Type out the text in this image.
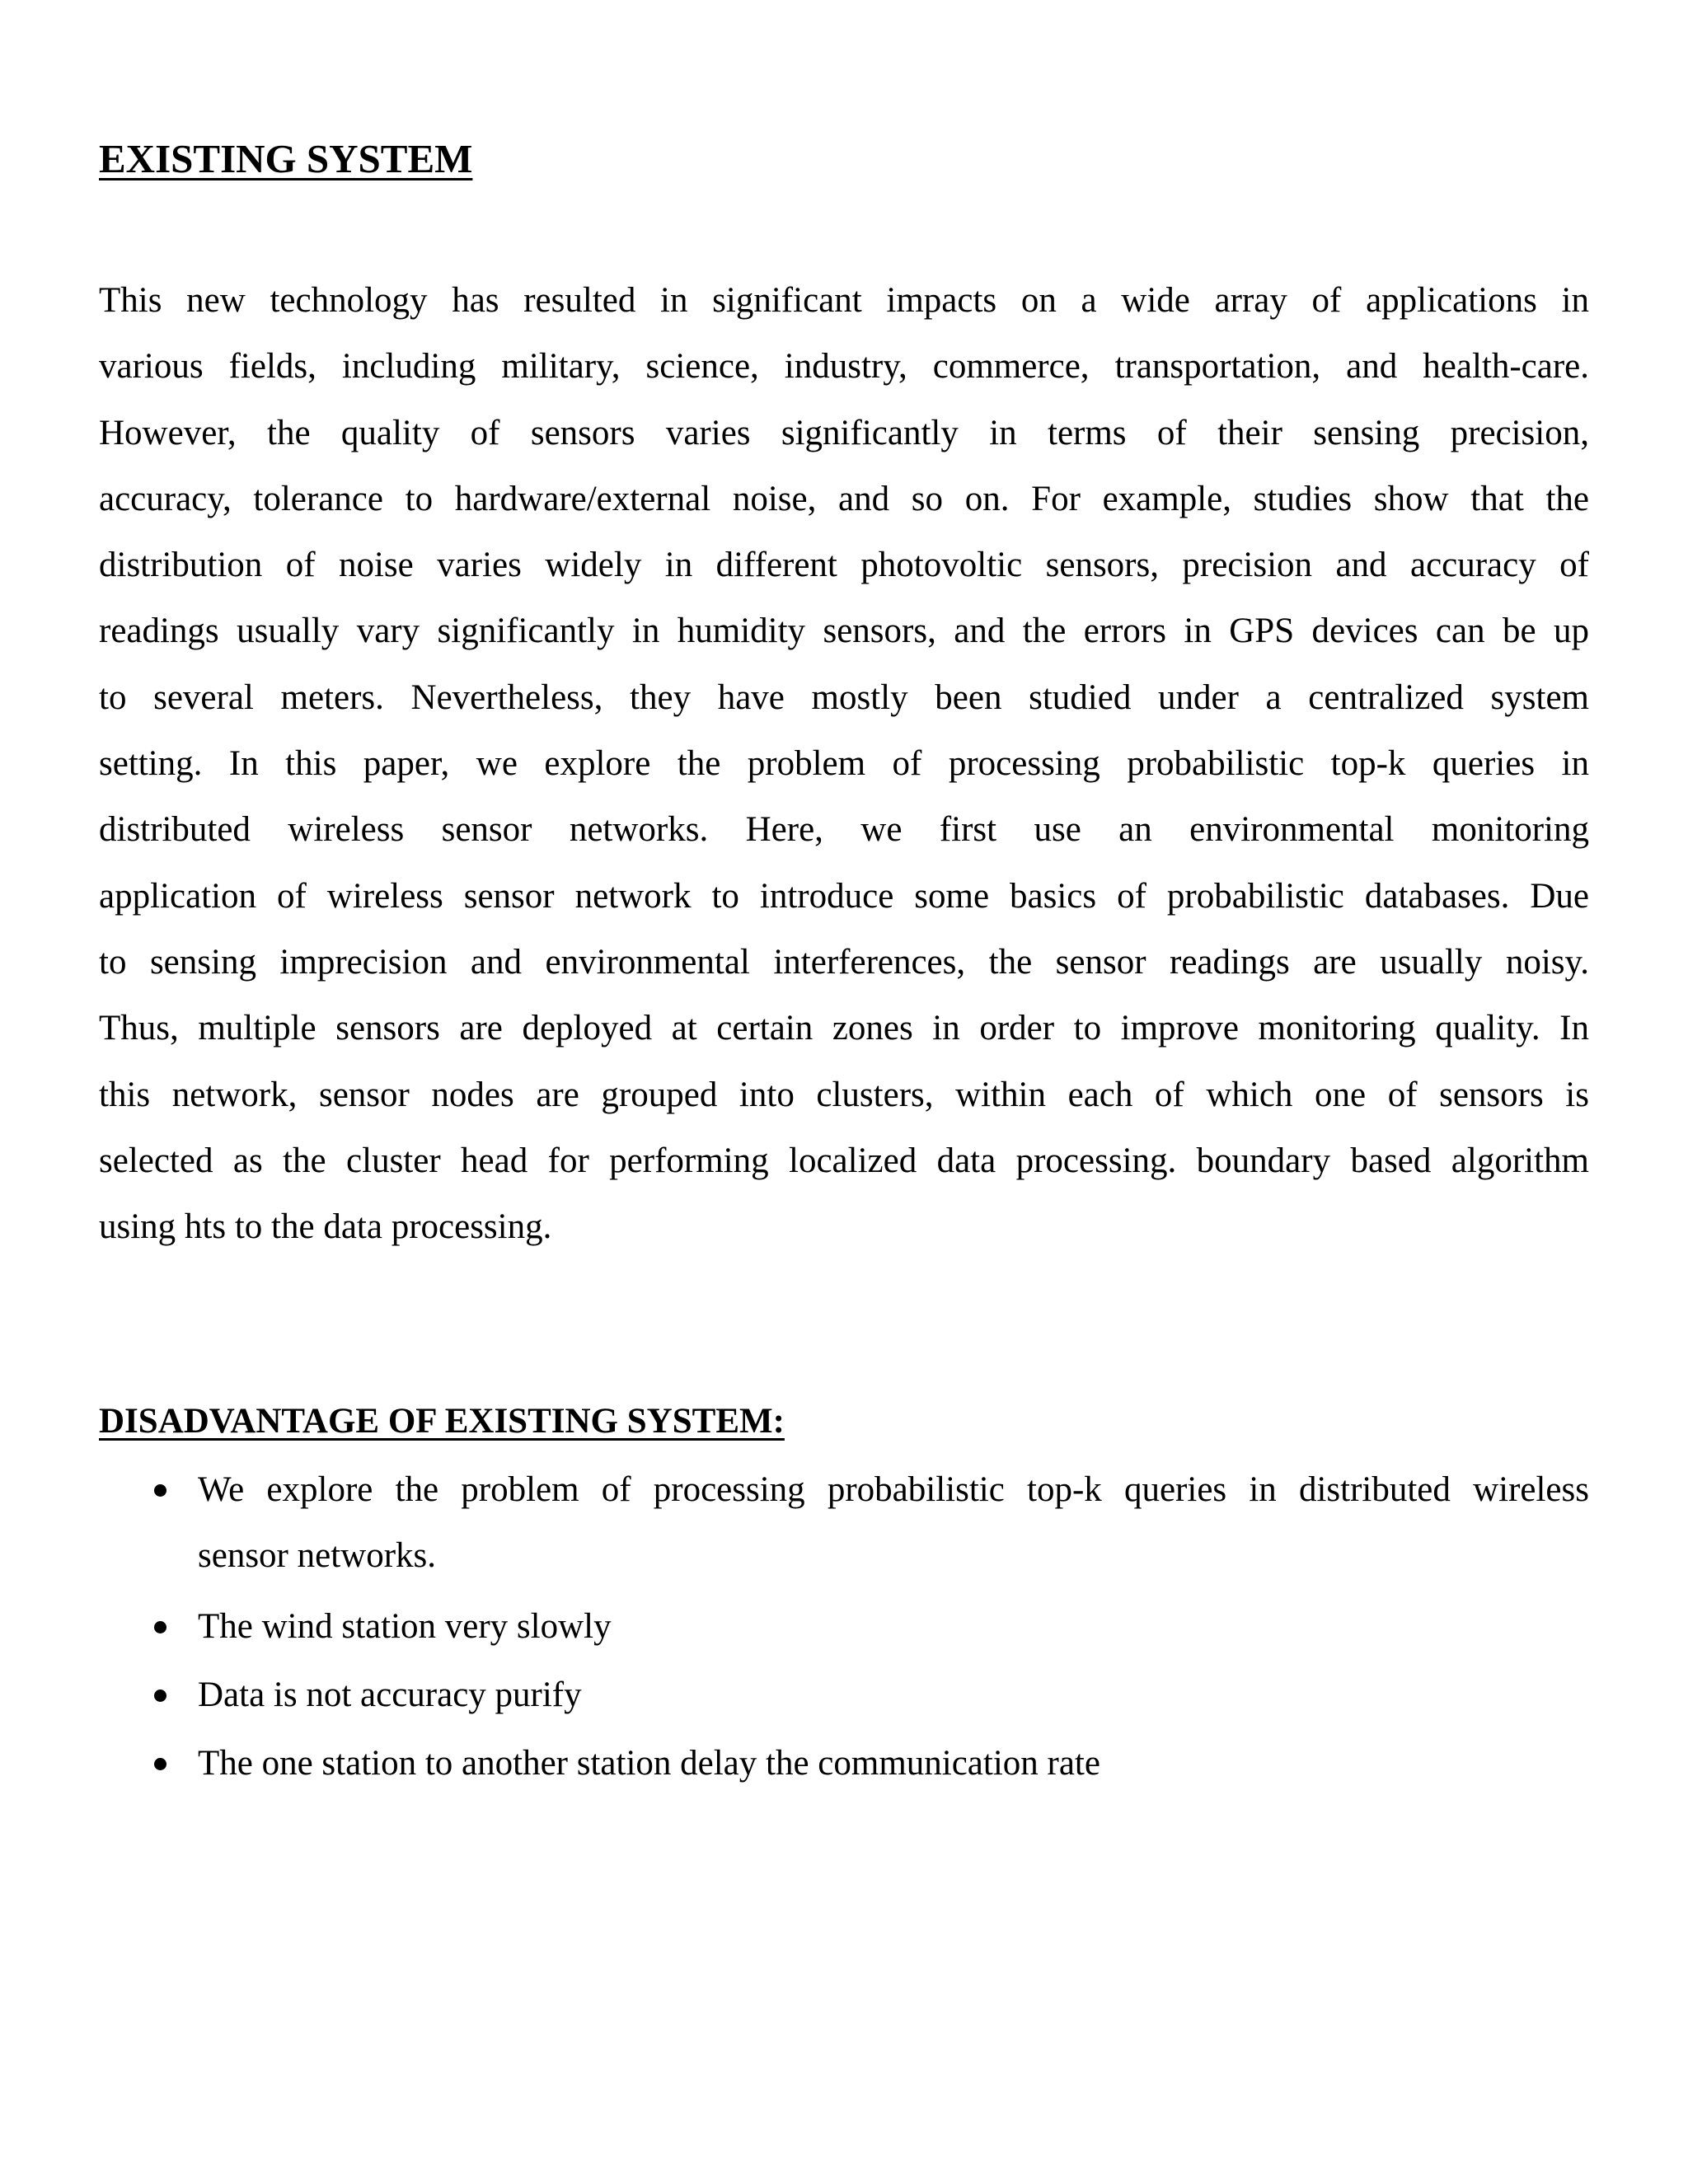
EXISTING SYSTEM
This new technology has resulted in significant impacts on a wide array of applications in
various fields, including military, science, industry, commerce, transportation, and health-care.
However, the quality of sensors varies significantly in terms of their sensing precision,
accuracy, tolerance to hardware/external noise, and so on. For example, studies show that the
distribution of noise varies widely in different photovoltic sensors, precision and accuracy of
readings usually vary significantly in humidity sensors, and the errors in GPS devices can be up
to several meters. Nevertheless, they have mostly been studied under a centralized system
setting. In this paper, we explore the problem of processing probabilistic top-k queries in
distributed wireless sensor networks. Here, we first use an environmental monitoring
application of wireless sensor network to introduce some basics of probabilistic databases. Due
to sensing imprecision and environmental interferences, the sensor readings are usually noisy.
Thus, multiple sensors are deployed at certain zones in order to improve monitoring quality. In
this network, sensor nodes are grouped into clusters, within each of which one of sensors is
selected as the cluster head for performing localized data processing. boundary based algorithm
using hts to the data processing.
DISADVANTAGE OF EXISTING SYSTEM:
We explore the problem of processing probabilistic top-k queries in distributed wireless
sensor networks.
The wind station very slowly
Data is not accuracy purify
The one station to another station delay the communication rate
